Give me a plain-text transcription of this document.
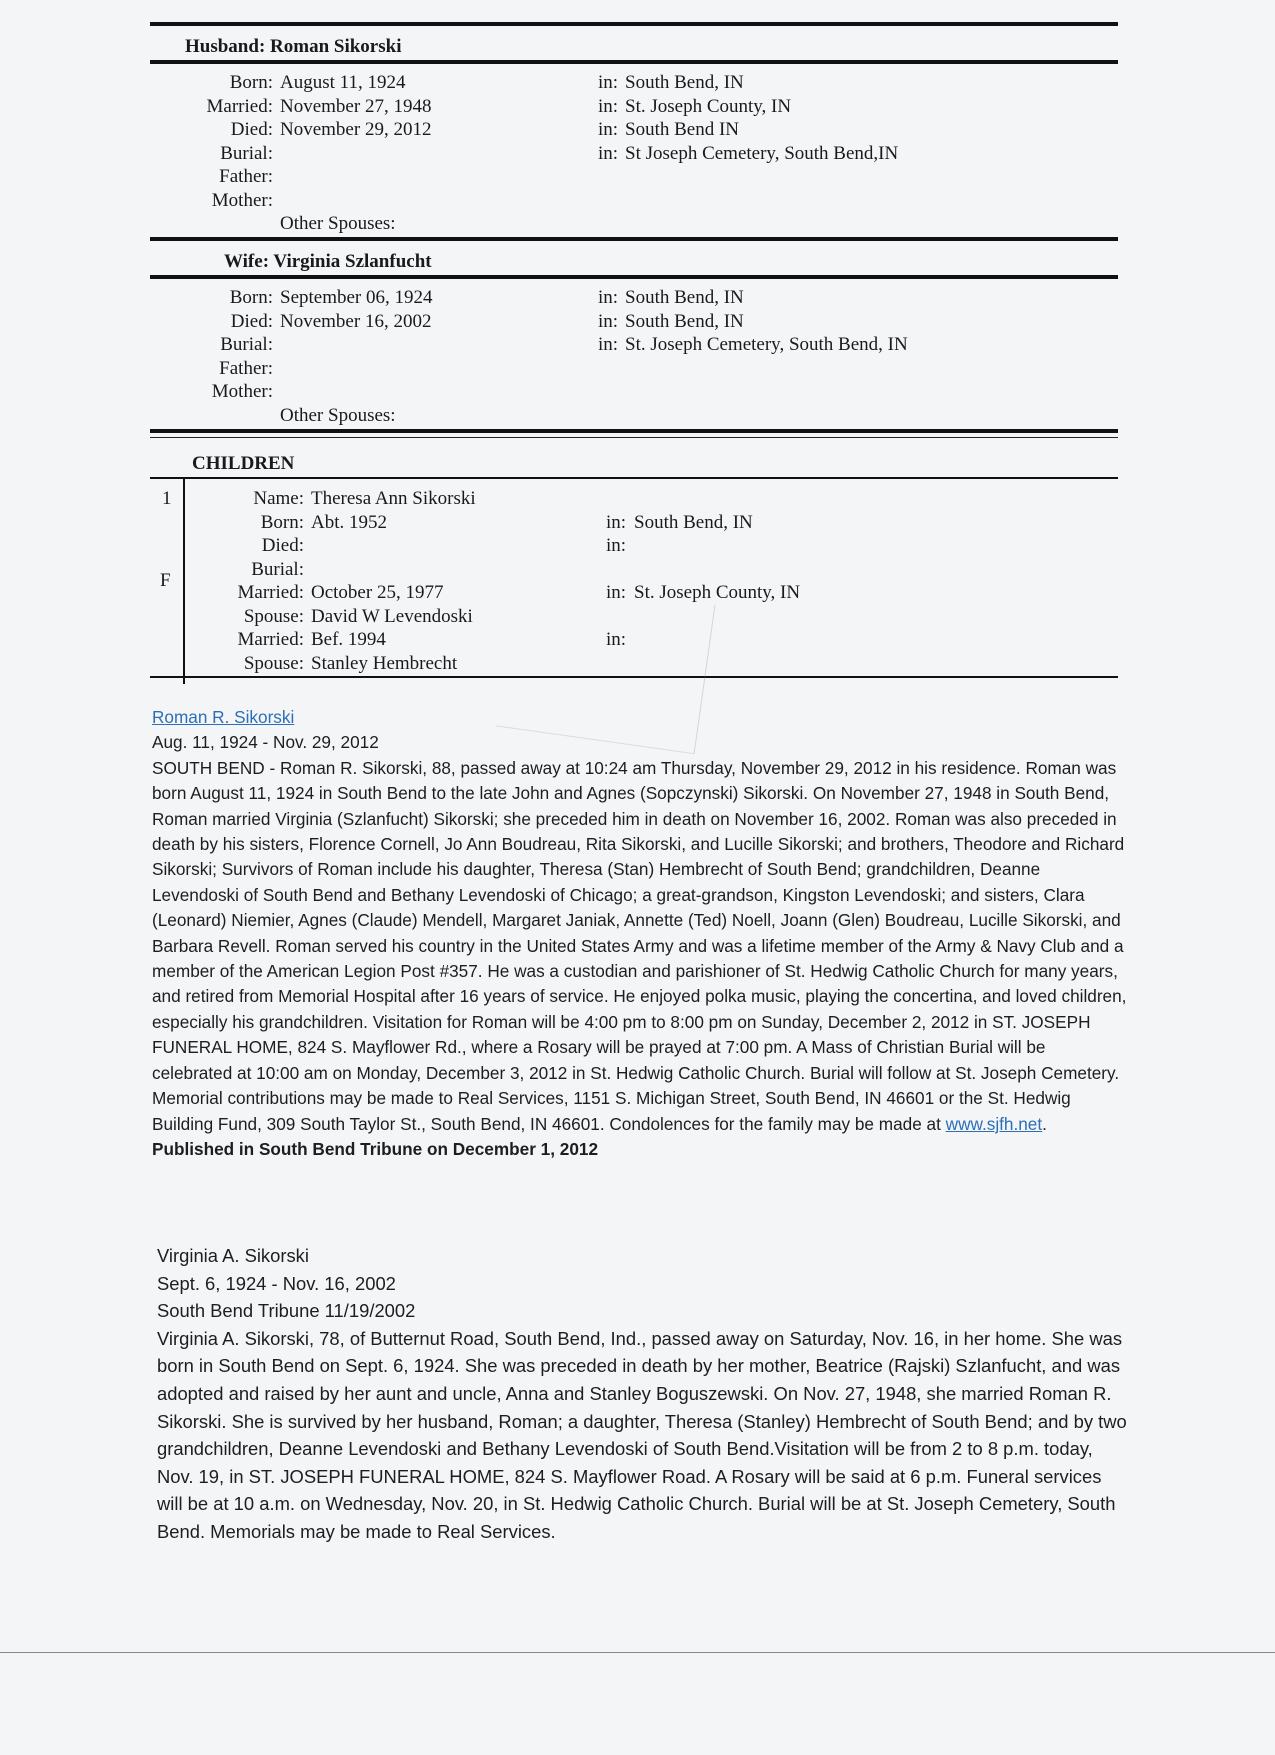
Husband: Roman Sikorski
Born: August 11, 1924	in: South Bend, IN
Married: November 27, 1948	in: St. Joseph County, IN
Died: November 29, 2012	in: South Bend IN
Burial:	in: St Joseph Cemetery, South Bend,IN
Father:
Mother:
Other Spouses:
Wife: Virginia Szlanfucht
Born: September 06, 1924	in: South Bend, IN
Died: November 16, 2002	in: South Bend, IN
Burial:	in: St. Joseph Cemetery, South Bend, IN
Father:
Mother:
Other Spouses:
CHILDREN
1
F
Name: Theresa Ann Sikorski
Born: Abt. 1952	in: South Bend, IN
Died:	in:
Burial:
Married: October 25, 1977	in: St. Joseph County, IN
Spouse: David W Levendoski
Married: Bef. 1994	in:
Spouse: Stanley Hembrecht
Roman R. Sikorski
Aug. 11, 1924 - Nov. 29, 2012
SOUTH BEND - Roman R. Sikorski, 88, passed away at 10:24 am Thursday, November 29, 2012 in his residence. Roman was born August 11, 1924 in South Bend to the late John and Agnes (Sopczynski) Sikorski. On November 27, 1948 in South Bend, Roman married Virginia (Szlanfucht) Sikorski; she preceded him in death on November 16, 2002. Roman was also preceded in death by his sisters, Florence Cornell, Jo Ann Boudreau, Rita Sikorski, and Lucille Sikorski; and brothers, Theodore and Richard Sikorski; Survivors of Roman include his daughter, Theresa (Stan) Hembrecht of South Bend; grandchildren, Deanne Levendoski of South Bend and Bethany Levendoski of Chicago; a great-grandson, Kingston Levendoski; and sisters, Clara (Leonard) Niemier, Agnes (Claude) Mendell, Margaret Janiak, Annette (Ted) Noell, Joann (Glen) Boudreau, Lucille Sikorski, and Barbara Revell. Roman served his country in the United States Army and was a lifetime member of the Army & Navy Club and a member of the American Legion Post #357. He was a custodian and parishioner of St. Hedwig Catholic Church for many years, and retired from Memorial Hospital after 16 years of service. He enjoyed polka music, playing the concertina, and loved children, especially his grandchildren. Visitation for Roman will be 4:00 pm to 8:00 pm on Sunday, December 2, 2012 in ST. JOSEPH FUNERAL HOME, 824 S. Mayflower Rd., where a Rosary will be prayed at 7:00 pm. A Mass of Christian Burial will be celebrated at 10:00 am on Monday, December 3, 2012 in St. Hedwig Catholic Church. Burial will follow at St. Joseph Cemetery. Memorial contributions may be made to Real Services, 1151 S. Michigan Street, South Bend, IN 46601 or the St. Hedwig Building Fund, 309 South Taylor St., South Bend, IN 46601. Condolences for the family may be made at www.sjfh.net.
Published in South Bend Tribune on December 1, 2012
Virginia A. Sikorski
Sept. 6, 1924 - Nov. 16, 2002
South Bend Tribune 11/19/2002
Virginia A. Sikorski, 78, of Butternut Road, South Bend, Ind., passed away on Saturday, Nov. 16, in her home. She was born in South Bend on Sept. 6, 1924. She was preceded in death by her mother, Beatrice (Rajski) Szlanfucht, and was adopted and raised by her aunt and uncle, Anna and Stanley Boguszewski. On Nov. 27, 1948, she married Roman R. Sikorski. She is survived by her husband, Roman; a daughter, Theresa (Stanley) Hembrecht of South Bend; and by two grandchildren, Deanne Levendoski and Bethany Levendoski of South Bend.Visitation will be from 2 to 8 p.m. today, Nov. 19, in ST. JOSEPH FUNERAL HOME, 824 S. Mayflower Road. A Rosary will be said at 6 p.m. Funeral services will be at 10 a.m. on Wednesday, Nov. 20, in St. Hedwig Catholic Church. Burial will be at St. Joseph Cemetery, South Bend. Memorials may be made to Real Services.
